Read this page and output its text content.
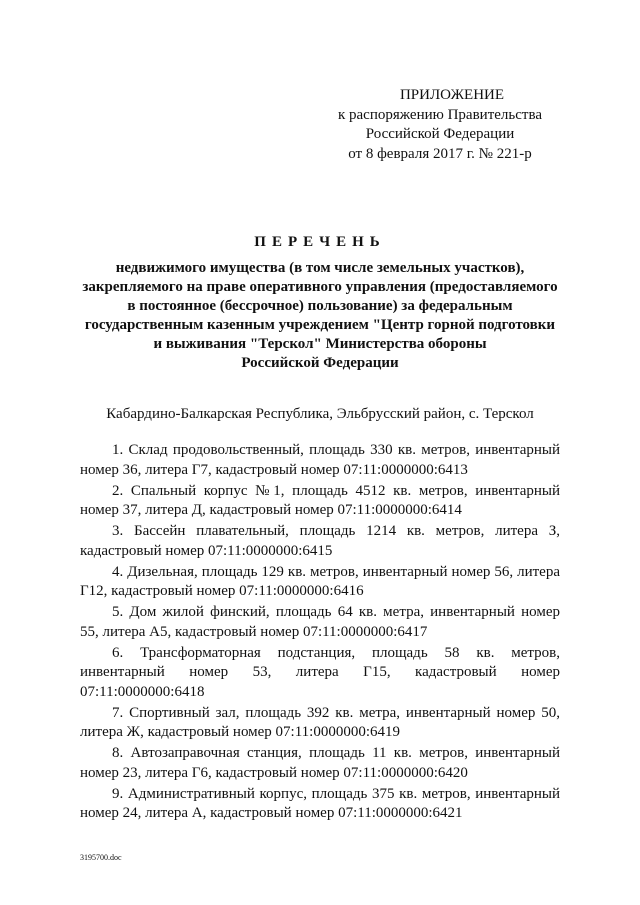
ПРИЛОЖЕНИЕ
к распоряжению Правительства
Российской Федерации
от 8 февраля 2017 г. № 221-р
ПЕРЕЧЕНЬ
недвижимого имущества (в том числе земельных участков),
закрепляемого на праве оперативного управления (предоставляемого
в постоянное (бессрочное) пользование) за федеральным
государственным казенным учреждением "Центр горной подготовки
и выживания "Терскол" Министерства обороны
Российской Федерации
Кабардино-Балкарская Республика, Эльбрусский район, с. Терскол

1. Склад продовольственный, площадь 330 кв. метров, инвентарный номер 36, литера Г7, кадастровый номер 07:11:0000000:6413

2. Спальный корпус №1, площадь 4512 кв. метров, инвентарный номер 37, литера Д, кадастровый номер 07:11:0000000:6414

3. Бассейн плавательный, площадь 1214 кв. метров, литера З, кадастровый номер 07:11:0000000:6415

4. Дизельная, площадь 129 кв. метров, инвентарный номер 56, литера Г12, кадастровый номер 07:11:0000000:6416

5. Дом жилой финский, площадь 64 кв. метра, инвентарный номер 55, литера А5, кадастровый номер 07:11:0000000:6417

6. Трансформаторная подстанция, площадь 58 кв. метров, инвентарный номер 53, литера Г15, кадастровый номер 07:11:0000000:6418

7. Спортивный зал, площадь 392 кв. метра, инвентарный номер 50, литера Ж, кадастровый номер 07:11:0000000:6419

8. Автозаправочная станция, площадь 11 кв. метров, инвентарный номер 23, литера Г6, кадастровый номер 07:11:0000000:6420

9. Административный корпус, площадь 375 кв. метров, инвентарный номер 24, литера А, кадастровый номер 07:11:0000000:6421

3195700.doc
